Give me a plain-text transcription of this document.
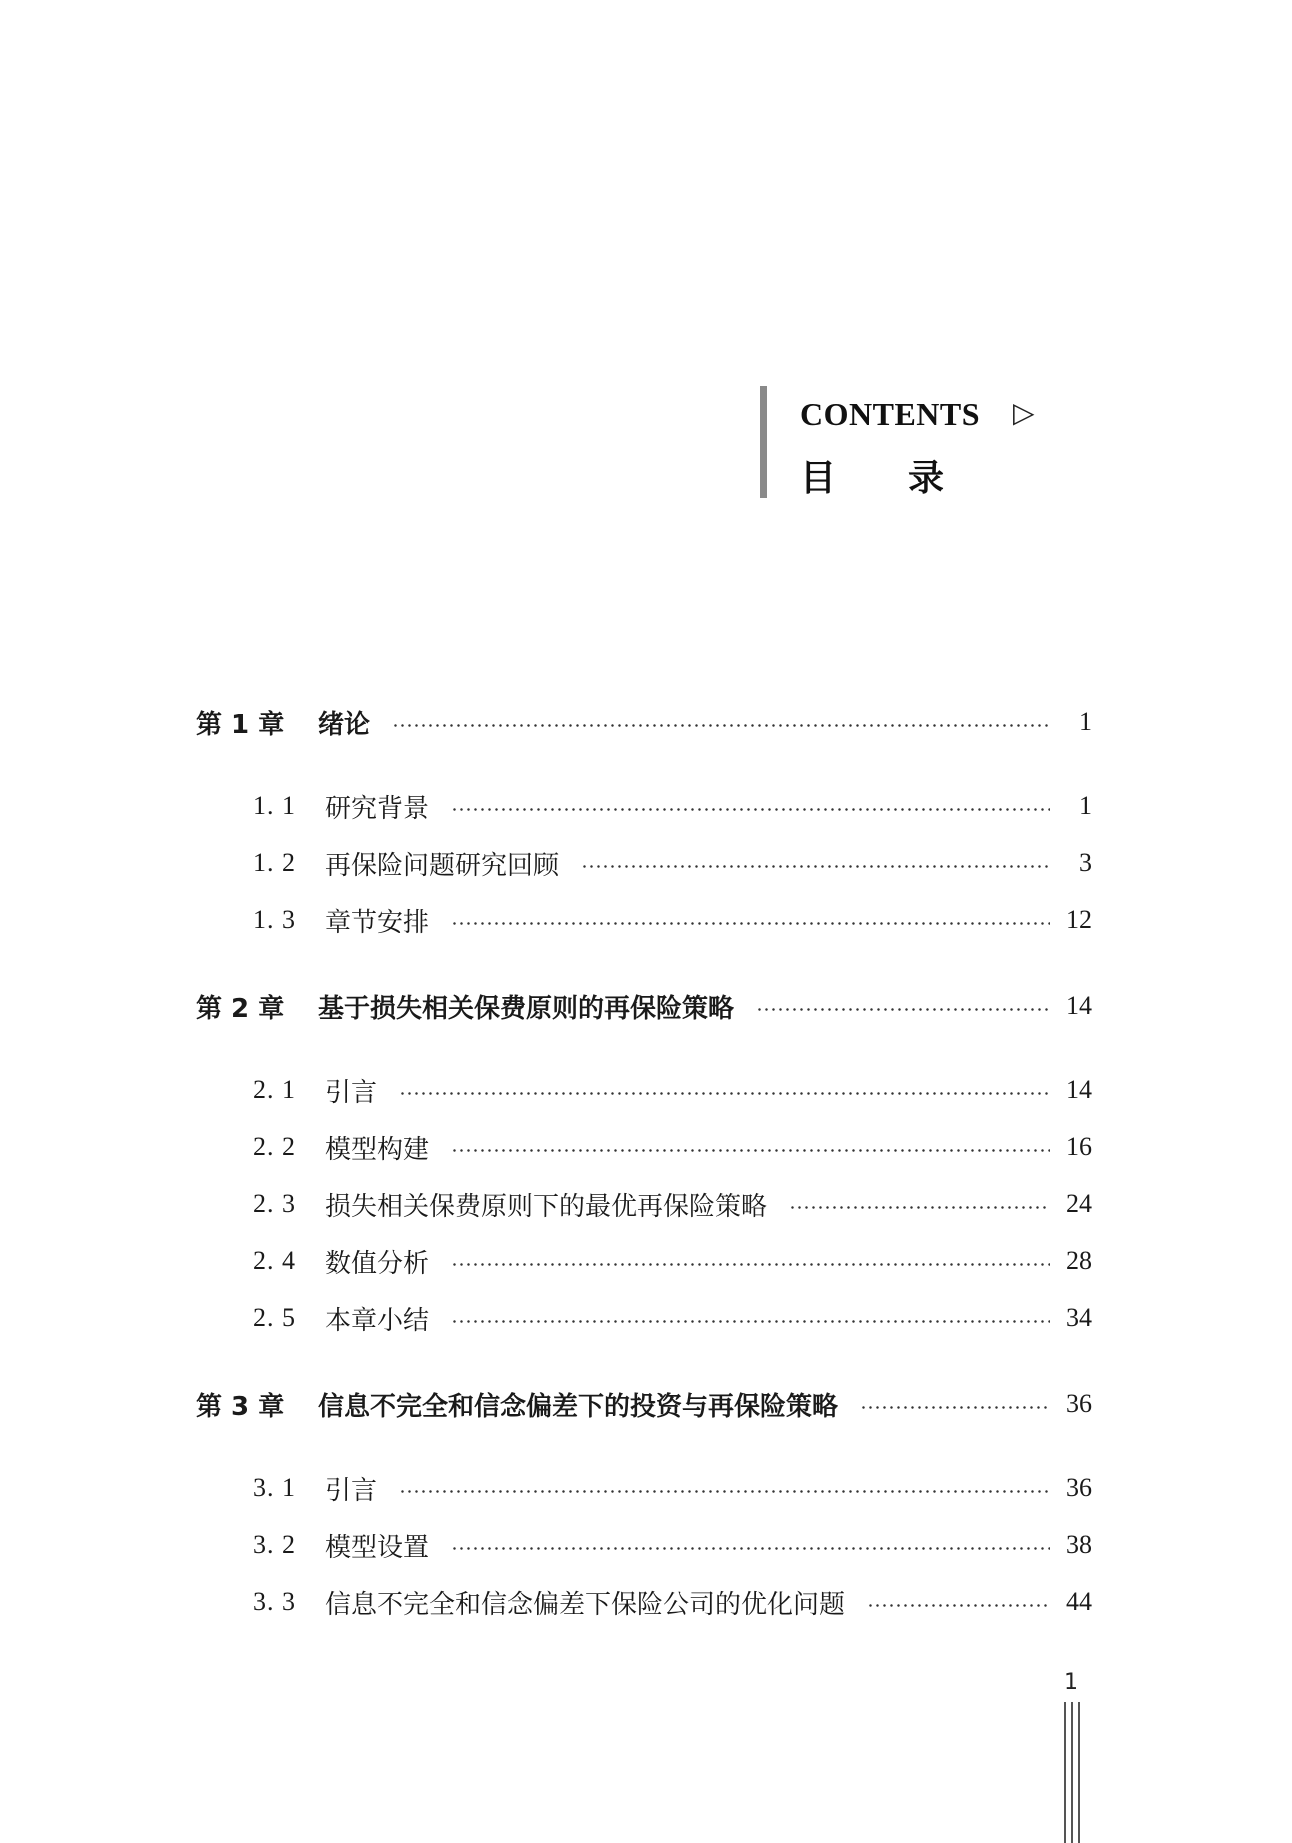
CONTENTS ▷
目　　录
第 1 章	绪论	1
1. 1	研究背景	1
1. 2	再保险问题研究回顾	3
1. 3	章节安排	12
第 2 章	基于损失相关保费原则的再保险策略	14
2. 1	引言	14
2. 2	模型构建	16
2. 3	损失相关保费原则下的最优再保险策略	24
2. 4	数值分析	28
2. 5	本章小结	34
第 3 章	信息不完全和信念偏差下的投资与再保险策略	36
3. 1	引言	36
3. 2	模型设置	38
3. 3	信息不完全和信念偏差下保险公司的优化问题	44
1
